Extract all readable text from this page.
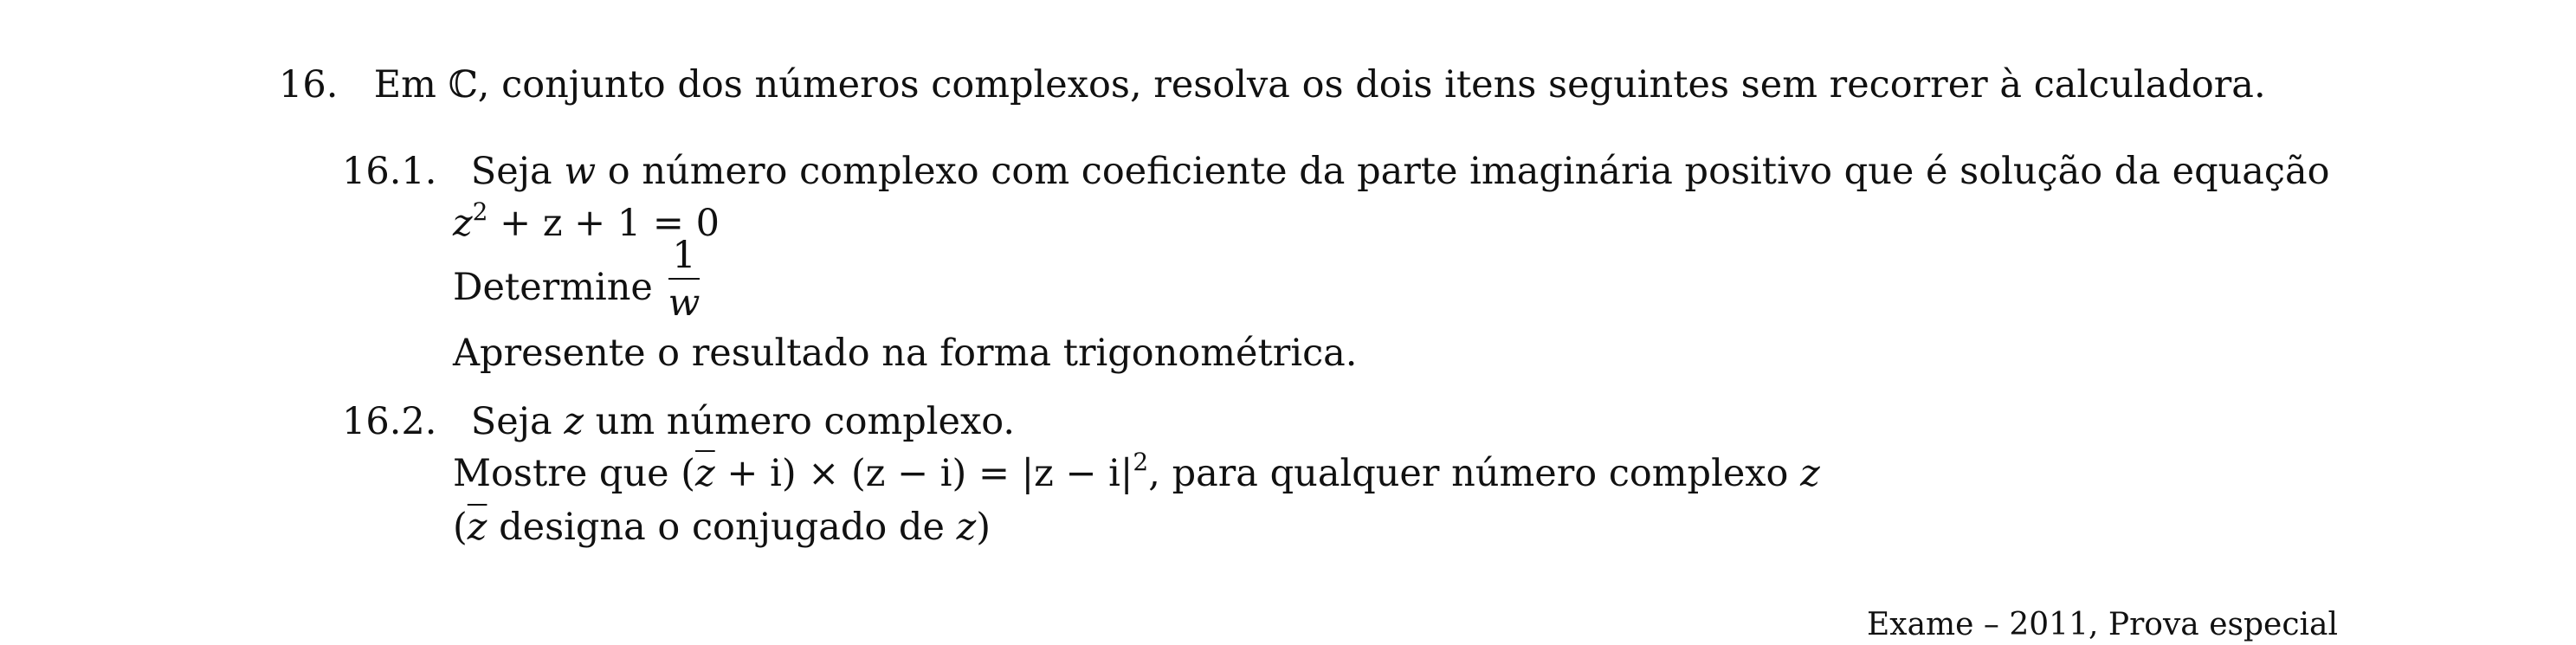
16. Em ℂ, conjunto dos números complexos, resolva os dois itens seguintes sem recorrer à calculadora.
16.1. Seja w o número complexo com coeficiente da parte imaginária positivo que é solução da equação
$z^2 + z + 1 = 0$
Determine
1
w
Apresente o resultado na forma trigonométrica.
16.2. Seja z um número complexo.
Mostre que $(\overline{z} + i) \times (z - i) = |z - i|^2$, para qualquer número complexo z
($\overline{z}$ designa o conjugado de z)
Exame – 2011, Prova especial
